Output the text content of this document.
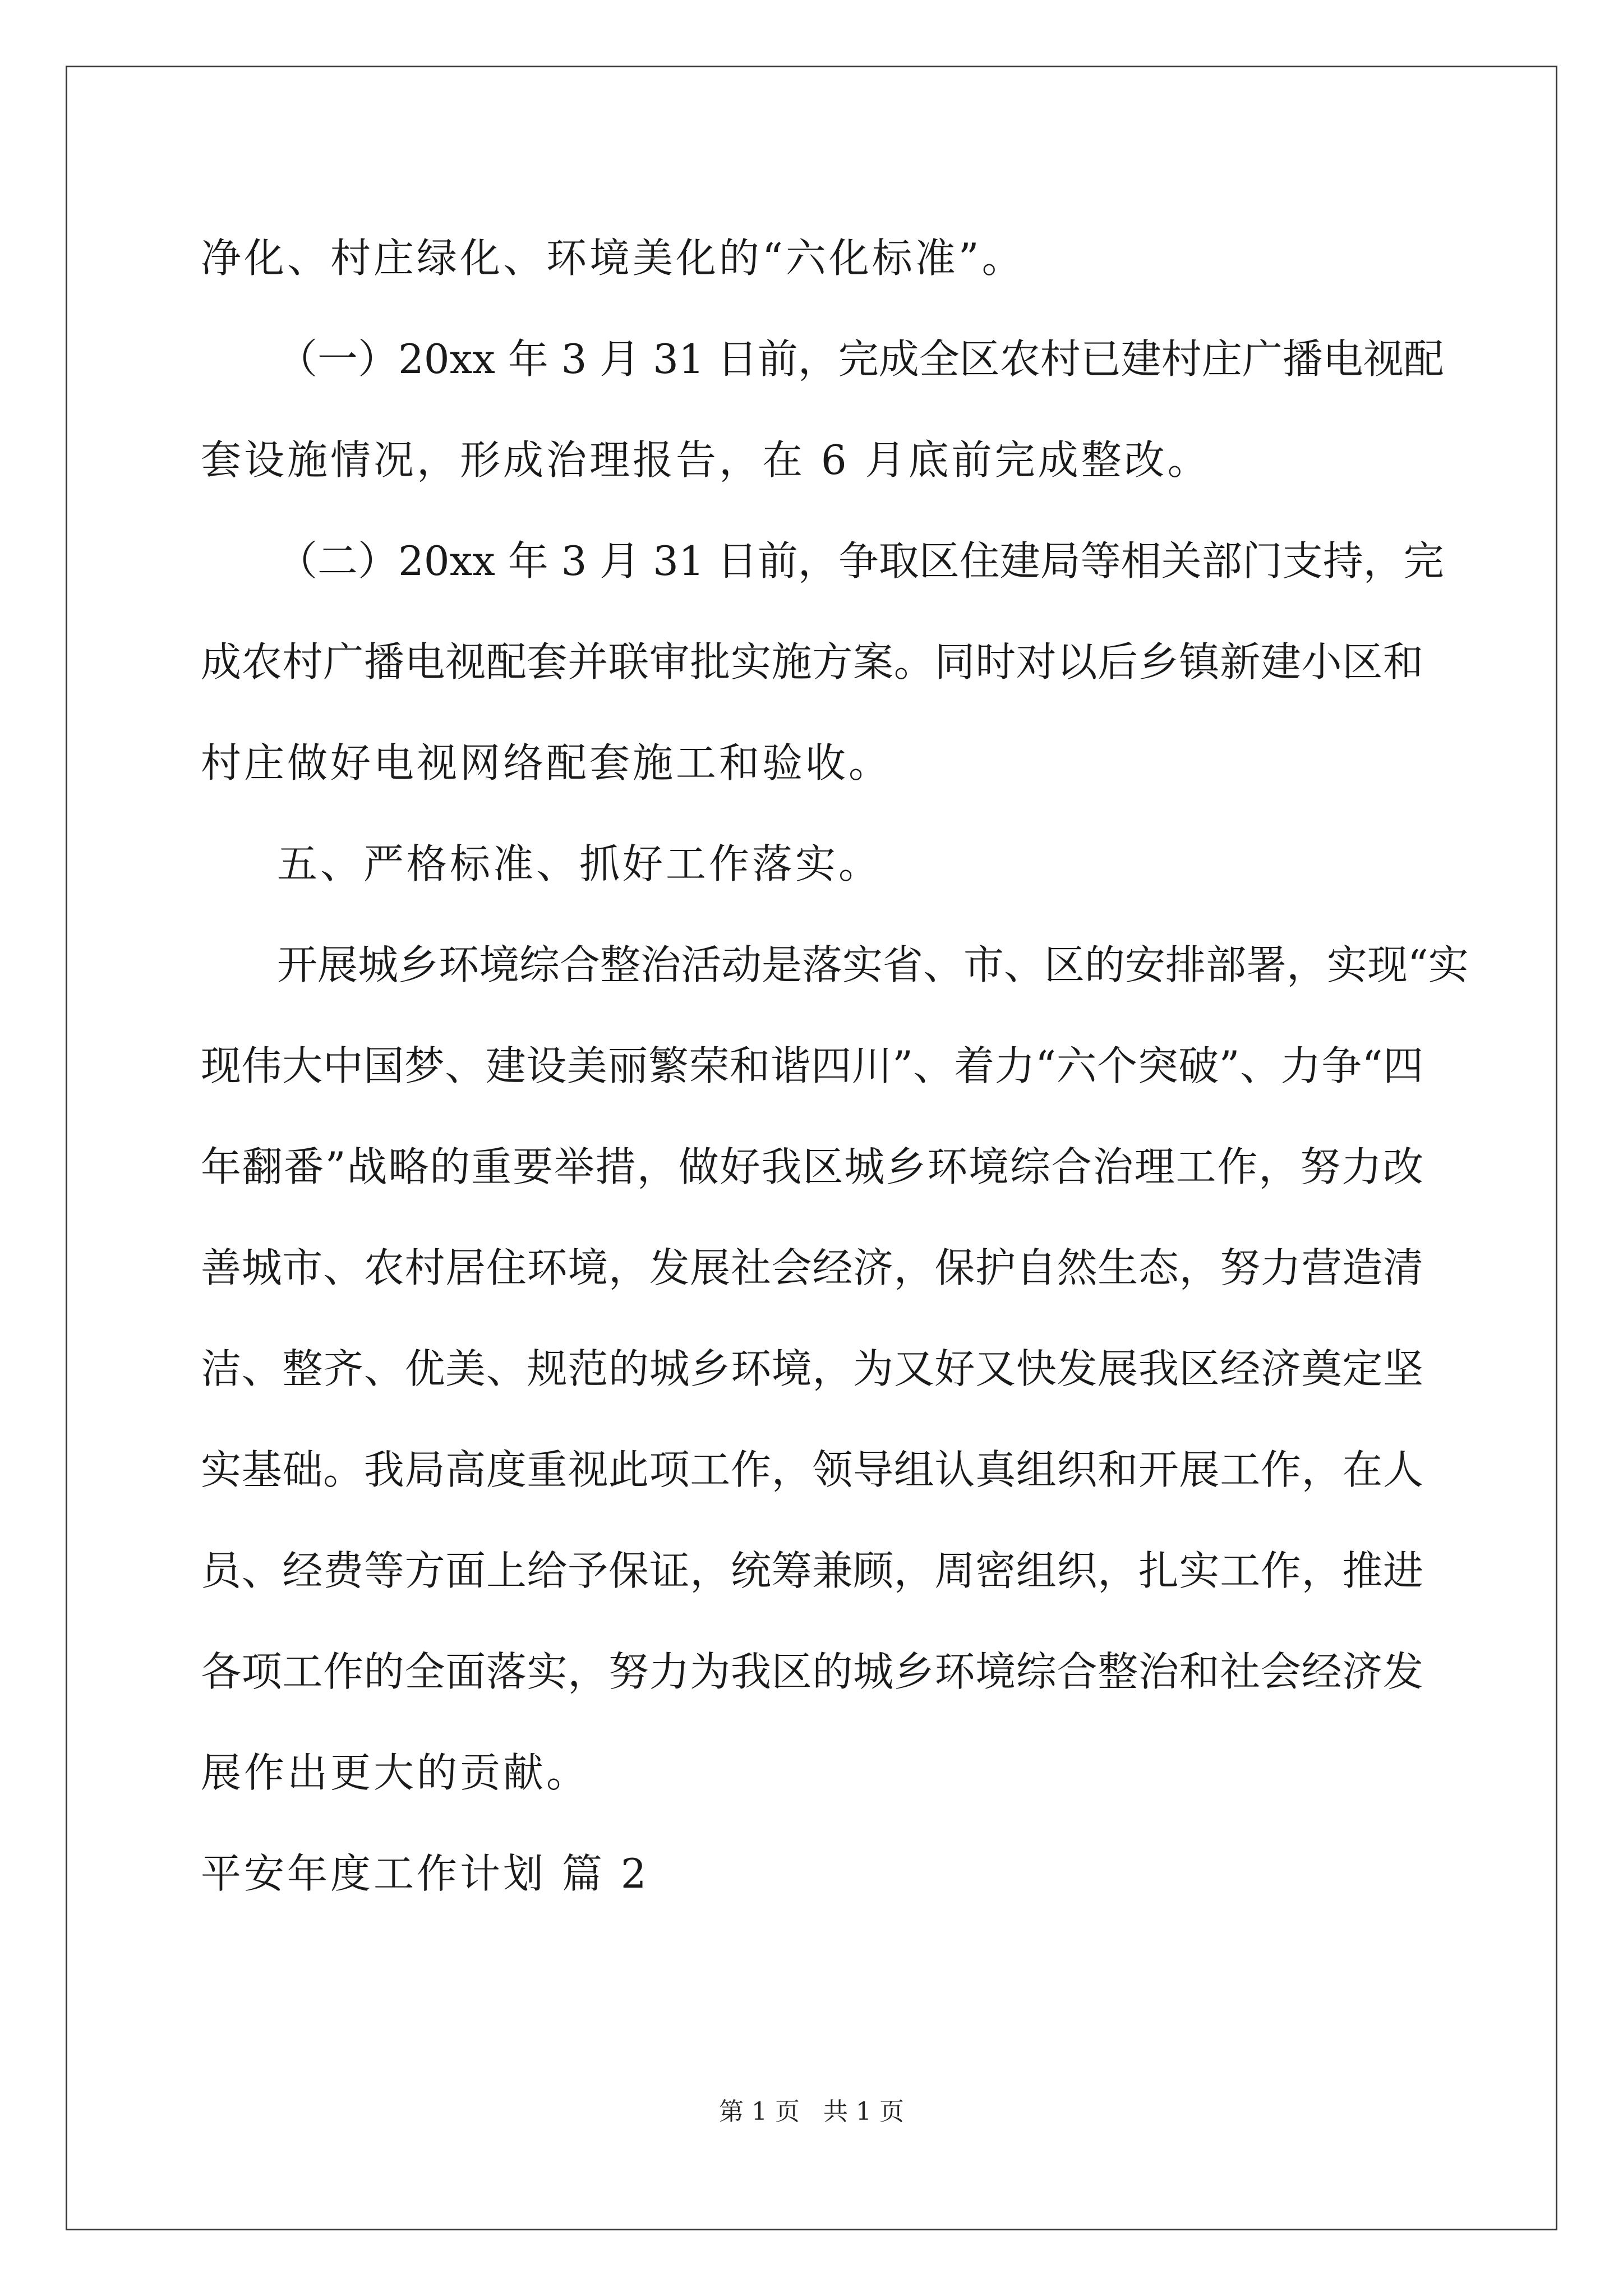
净化、村庄绿化、环境美化的“六化标准”。
（一）20xx 年 3 月 31 日前，完成全区农村已建村庄广播电视配
套设施情况，形成治理报告，在 6 月底前完成整改。
（二）20xx 年 3 月 31 日前，争取区住建局等相关部门支持，完
成农村广播电视配套并联审批实施方案。同时对以后乡镇新建小区和
村庄做好电视网络配套施工和验收。
五、严格标准、抓好工作落实。
开展城乡环境综合整治活动是落实省、市、区的安排部署，实现“实
现伟大中国梦、建设美丽繁荣和谐四川”、着力“六个突破”、力争“四
年翻番”战略的重要举措，做好我区城乡环境综合治理工作，努力改
善城市、农村居住环境，发展社会经济，保护自然生态，努力营造清
洁、整齐、优美、规范的城乡环境，为又好又快发展我区经济奠定坚
实基础。我局高度重视此项工作，领导组认真组织和开展工作，在人
员、经费等方面上给予保证，统筹兼顾，周密组织，扎实工作，推进
各项工作的全面落实，努力为我区的城乡环境综合整治和社会经济发
展作出更大的贡献。
平安年度工作计划 篇 2
第 1 页   共 1 页
